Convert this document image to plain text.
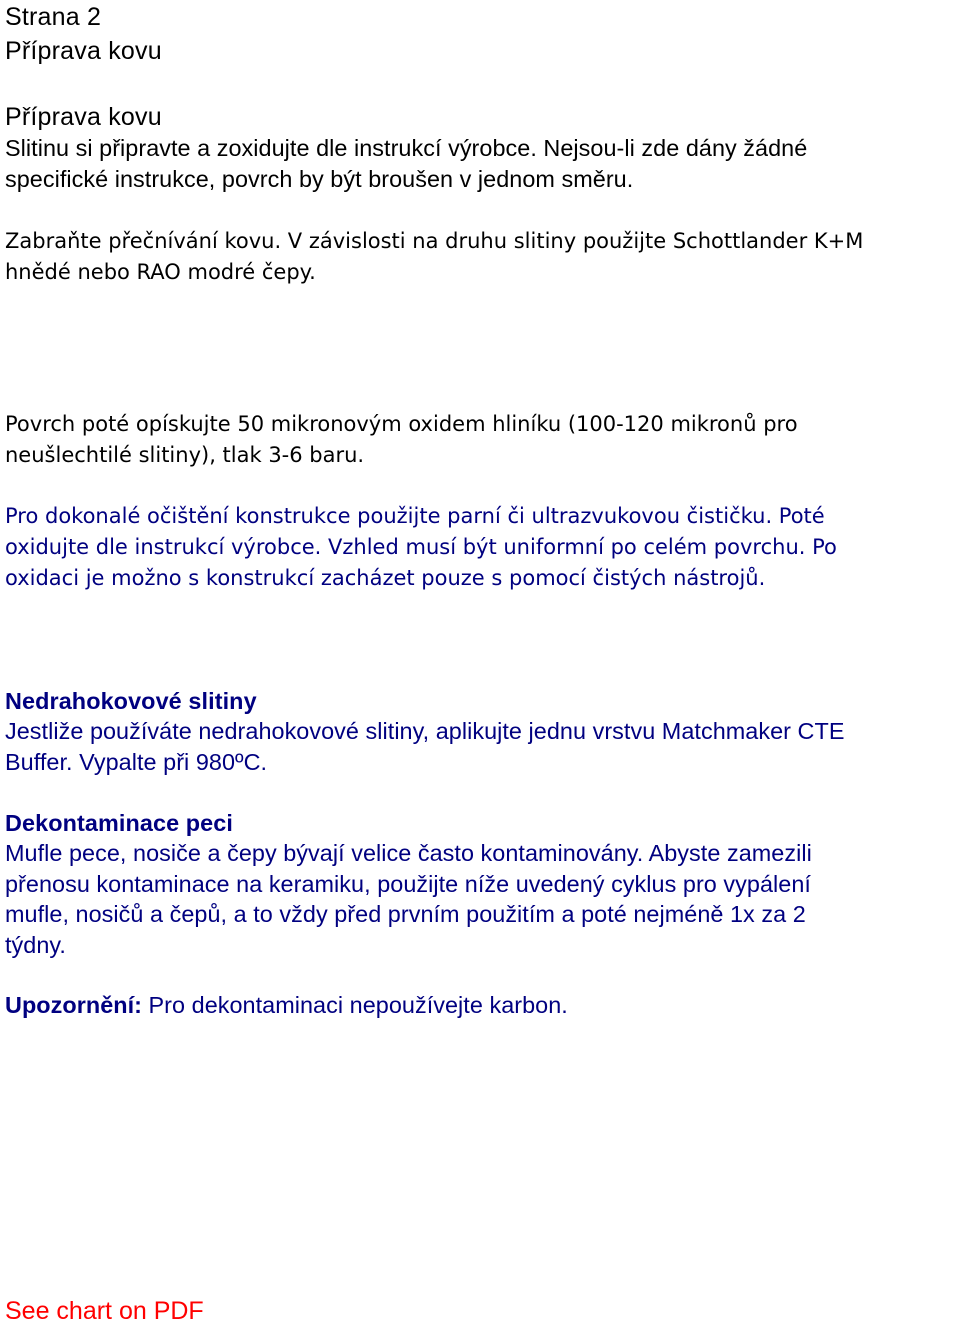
Strana 2
Příprava kovu
Příprava kovu
Slitinu si připravte a zoxidujte dle instrukcí výrobce. Nejsou-li zde dány žádné
specifické instrukce, povrch by být broušen v jednom směru.
Zabraňte přečnívání kovu. V závislosti na druhu slitiny použijte Schottlander K+M
hnědé nebo RAO modré čepy.
Povrch poté opískujte 50 mikronovým oxidem hliníku (100-120 mikronů pro
neušlechtilé slitiny), tlak 3-6 baru.
Pro dokonalé očištění konstrukce použijte parní či ultrazvukovou čističku. Poté
oxidujte dle instrukcí výrobce. Vzhled musí být uniformní po celém povrchu. Po
oxidaci je možno s konstrukcí zacházet pouze s pomocí čistých nástrojů.
Nedrahokovové slitiny
Jestliže používáte nedrahokovové slitiny, aplikujte jednu vrstvu Matchmaker CTE
Buffer. Vypalte při 980ºC.
Dekontaminace peci
Mufle pece, nosiče a čepy bývají velice často kontaminovány. Abyste zamezili
přenosu kontaminace na keramiku, použijte níže uvedený cyklus pro vypálení
mufle, nosičů a čepů, a to vždy před prvním použitím a poté nejméně 1x za 2
týdny.
Upozornění: Pro dekontaminaci nepoužívejte karbon.
See chart on PDF
